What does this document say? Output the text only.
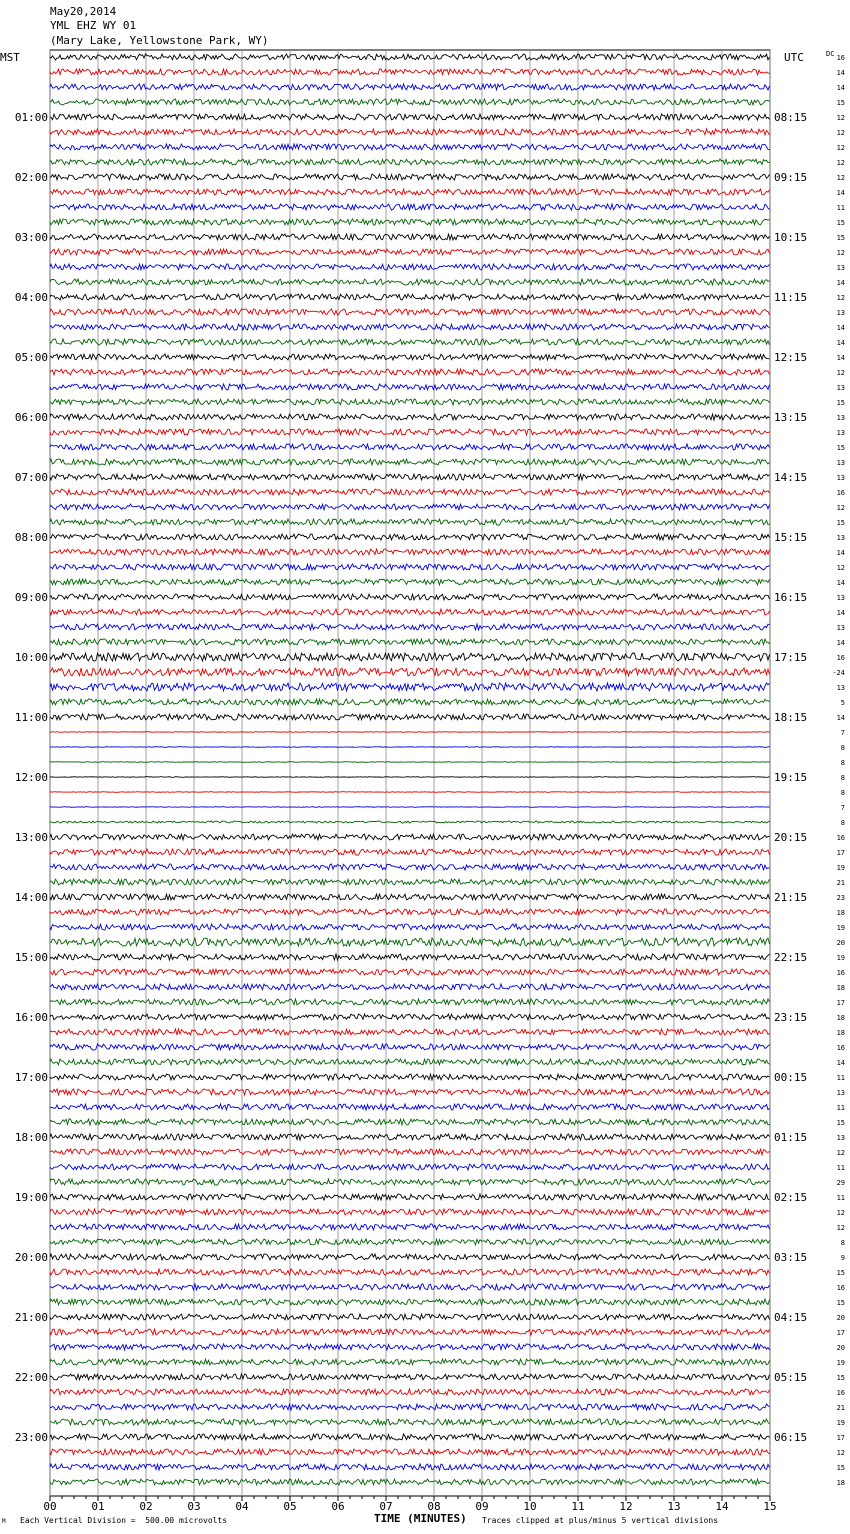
May20,2014
YML EHZ WY 01
(Mary Lake, Yellowstone Park, WY)
MST	UTC	DC
00	01	02	03	04	05	06	07	08	09	10	11	12	13	14	15
16
14
14
15
12
12
12
12
12
14
11
15
15
12
13
14
12
13
14
14
14
12
13
15
13
13
15
13
13
16
12
15
13
14
12
14
13
14
13
14
16
-24
13
5
14
7
8
8
8
8
7
8
16
17
19
21
23
18
19
20
19
16
18
17
18
18
16
14
11
13
11
15
13
12
11
29
11
12
12
8
9
15
16
15
20
17
20
19
15
16
21
19
17
12
15
18
01:00	08:15
02:00	09:15
03:00	10:15
04:00	11:15
05:00	12:15
06:00	13:15
07:00	14:15
08:00	15:15
09:00	16:15
10:00	17:15
11:00	18:15
12:00	19:15
13:00	20:15
14:00	21:15
15:00	22:15
16:00	23:15
17:00	00:15
18:00	01:15
19:00	02:15
20:00	03:15
21:00	04:15
22:00	05:15
23:00	06:15
M Each Vertical Division =  500.00 microvolts	TIME (MINUTES) Traces clipped at plus/minus 5 vertical divisions
